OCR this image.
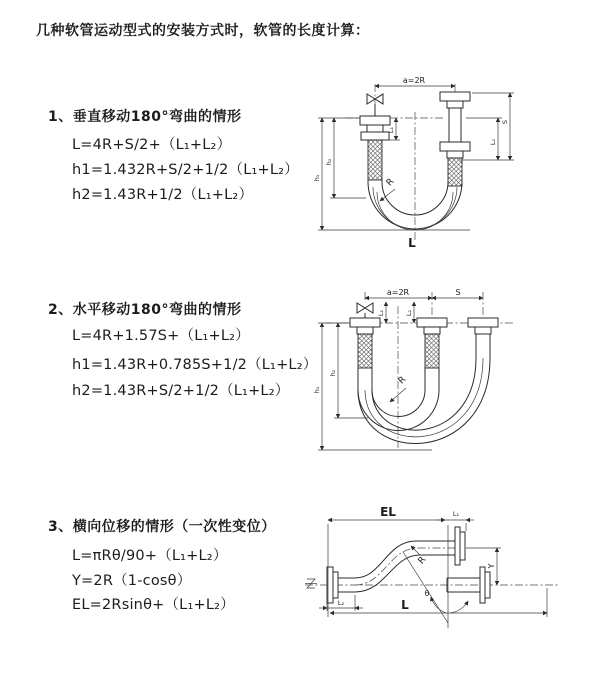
几种软管运动型式的安装方式时，软管的长度计算：
1、垂直移动180°弯曲的情形
L=4R+S/2+（L₁+L₂）
h1=1.432R+S/2+1/2（L₁+L₂）
h2=1.43R+1/2（L₁+L₂）
2、水平移动180°弯曲的情形
L=4R+1.57S+（L₁+L₂）
h1=1.43R+0.785S+1/2（L₁+L₂）
h2=1.43R+S/2+1/2（L₁+L₂）
3、横向位移的情形（一次性变位）
L=πRθ/90+（L₁+L₂）
Y=2R（1-cosθ）
EL=2Rsinθ+（L₁+L₂）
a=2R
h₁
h₂
L₁
S
L₂
R
L
a=2R	S
h₁
h₂
L₁	L₂
R
θ
R
EL	L₁
Y
L
L₂
